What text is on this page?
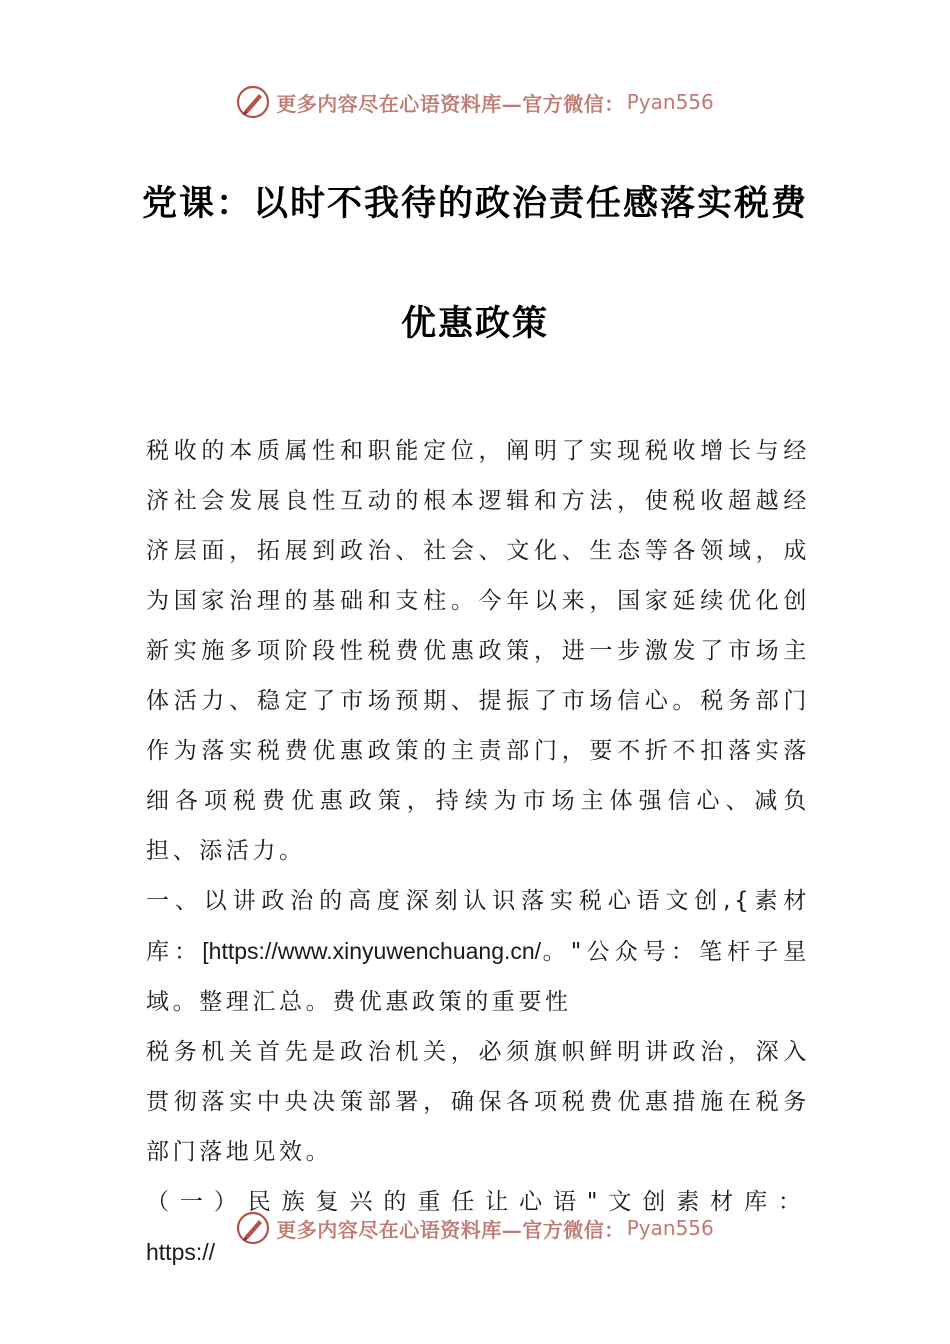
更多内容尽在心语资料库—官方微信： Pyan556
党课：以时不我待的政治责任感落实税费
优惠政策

税收的本质属性和职能定位，阐明了实现税收增长与经济社会发展良性互动的根本逻辑和方法，使税收超越经济层面，拓展到政治、社会、文化、生态等各领域，成为国家治理的基础和支柱。今年以来，国家延续优化创新实施多项阶段性税费优惠政策，进一步激发了市场主体活力、稳定了市场预期、提振了市场信心。税务部门作为落实税费优惠政策的主责部门，要不折不扣落实落细各项税费优惠政策，持续为市场主体强信心、减负担、添活力。

一、以讲政治的高度深刻认识落实税心语文创,{素材库：[https://www.xinyuwenchuang.cn/。"公众号：笔杆子星域。整理汇总。费优惠政策的重要性

税务机关首先是政治机关，必须旗帜鲜明讲政治，深入贯彻落实中央决策部署，确保各项税费优惠措施在税务部门落地见效。

（一）民族复兴的重任让心语"文创素材库：https://

更多内容尽在心语资料库—官方微信： Pyan556
